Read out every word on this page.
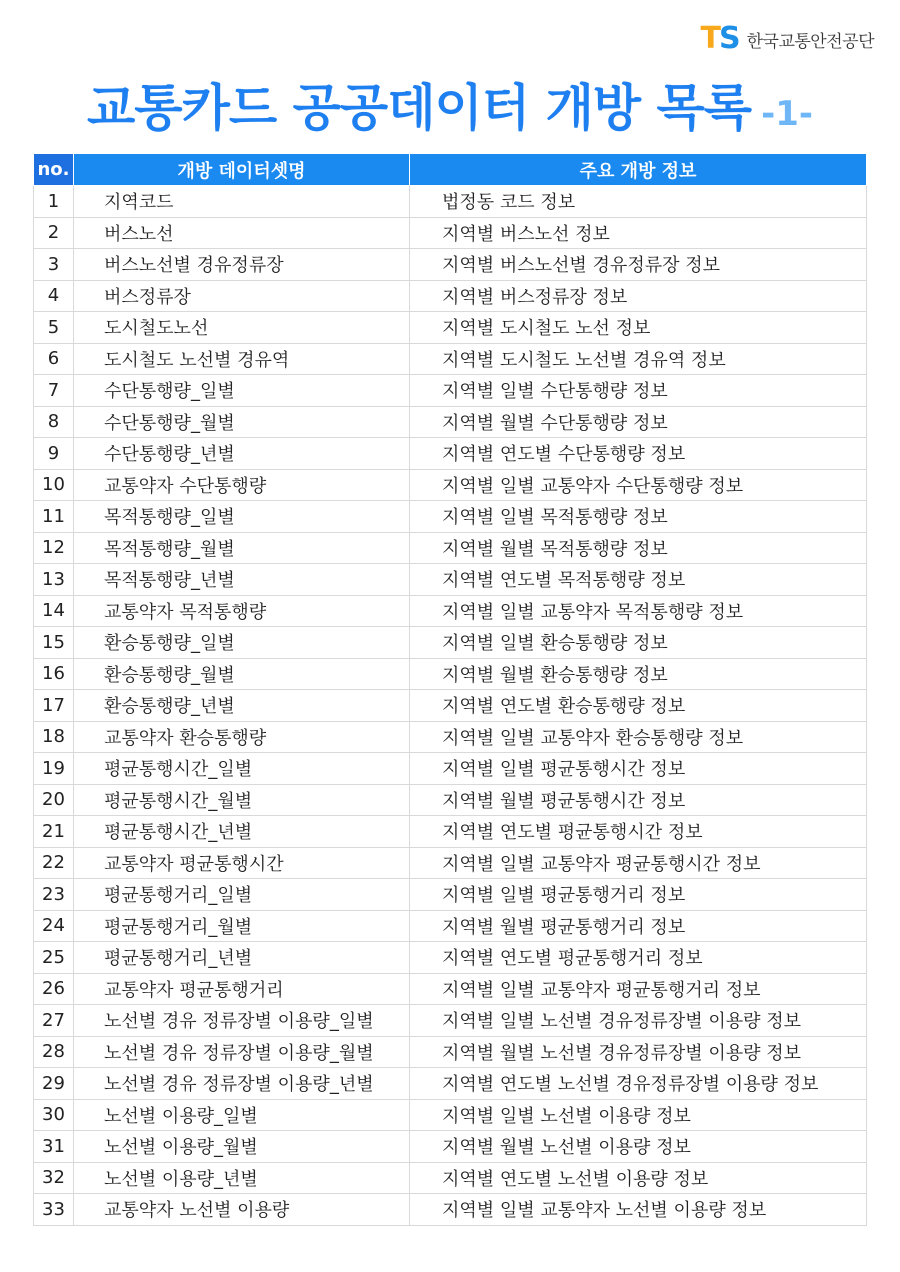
TS 한국교통안전공단
교통카드 공공데이터 개방 목록 -1-
no.	개방 데이터셋명	주요 개방 정보
1	지역코드	법정동 코드 정보
2	버스노선	지역별 버스노선 정보
3	버스노선별 경유정류장	지역별 버스노선별 경유정류장 정보
4	버스정류장	지역별 버스정류장 정보
5	도시철도노선	지역별 도시철도 노선 정보
6	도시철도 노선별 경유역	지역별 도시철도 노선별 경유역 정보
7	수단통행량_일별	지역별 일별 수단통행량 정보
8	수단통행량_월별	지역별 월별 수단통행량 정보
9	수단통행량_년별	지역별 연도별 수단통행량 정보
10	교통약자 수단통행량	지역별 일별 교통약자 수단통행량 정보
11	목적통행량_일별	지역별 일별 목적통행량 정보
12	목적통행량_월별	지역별 월별 목적통행량 정보
13	목적통행량_년별	지역별 연도별 목적통행량 정보
14	교통약자 목적통행량	지역별 일별 교통약자 목적통행량 정보
15	환승통행량_일별	지역별 일별 환승통행량 정보
16	환승통행량_월별	지역별 월별 환승통행량 정보
17	환승통행량_년별	지역별 연도별 환승통행량 정보
18	교통약자 환승통행량	지역별 일별 교통약자 환승통행량 정보
19	평균통행시간_일별	지역별 일별 평균통행시간 정보
20	평균통행시간_월별	지역별 월별 평균통행시간 정보
21	평균통행시간_년별	지역별 연도별 평균통행시간 정보
22	교통약자 평균통행시간	지역별 일별 교통약자 평균통행시간 정보
23	평균통행거리_일별	지역별 일별 평균통행거리 정보
24	평균통행거리_월별	지역별 월별 평균통행거리 정보
25	평균통행거리_년별	지역별 연도별 평균통행거리 정보
26	교통약자 평균통행거리	지역별 일별 교통약자 평균통행거리 정보
27	노선별 경유 정류장별 이용량_일별	지역별 일별 노선별 경유정류장별 이용량 정보
28	노선별 경유 정류장별 이용량_월별	지역별 월별 노선별 경유정류장별 이용량 정보
29	노선별 경유 정류장별 이용량_년별	지역별 연도별 노선별 경유정류장별 이용량 정보
30	노선별 이용량_일별	지역별 일별 노선별 이용량 정보
31	노선별 이용량_월별	지역별 월별 노선별 이용량 정보
32	노선별 이용량_년별	지역별 연도별 노선별 이용량 정보
33	교통약자 노선별 이용량	지역별 일별 교통약자 노선별 이용량 정보
